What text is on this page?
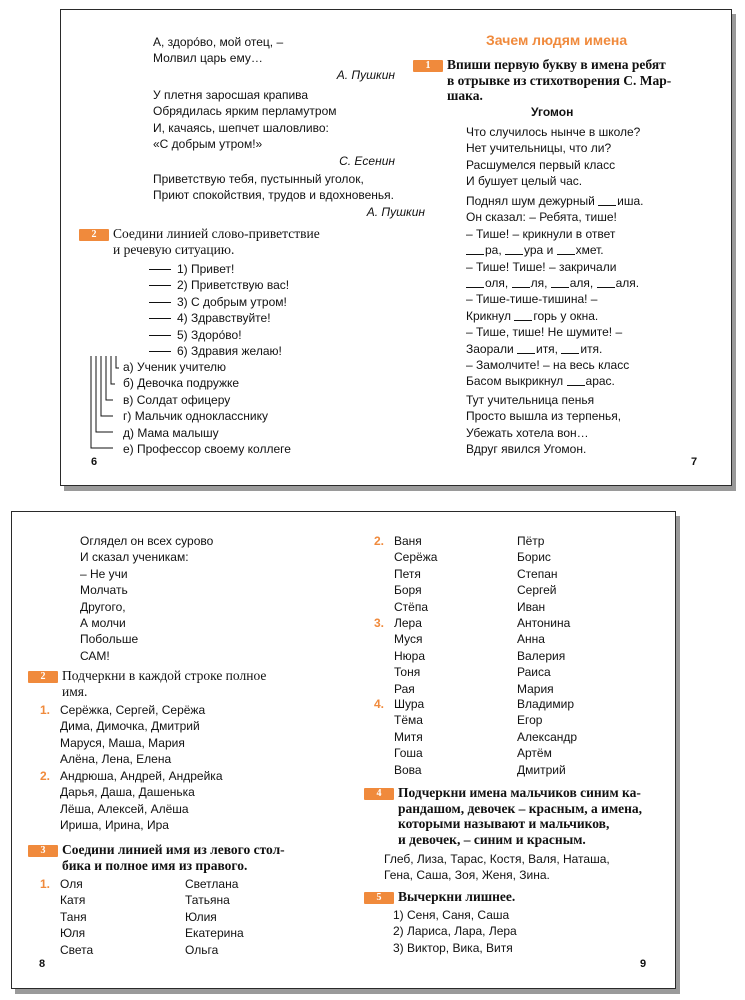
А, здоро́во, мой отец, –
Молвил царь ему…
А. Пушкин
У плетня заросшая крапива
Обрядилась ярким перламутром
И, качаясь, шепчет шаловливо:
«С добрым утром!»
С. Есенин
Приветствую тебя, пустынный уголок,
Приют спокойствия, трудов и вдохновенья.
А. Пушкин
2 Соедини линией слово-приветствие
и речевую ситуацию.
1) Привет!
2) Приветствую вас!
3) С добрым утром!
4) Здравствуйте!
5) Здоро́во!
6) Здравия желаю!
а) Ученик учителю
б) Девочка подружке
в) Солдат офицеру
г) Мальчик однокласснику
д) Мама малышу
е) Профессор своему коллеге
6
Зачем людям имена
1 Впиши первую букву в имена ребят
в отрывке из стихотворения С. Мар-
шака.
Угомон
Что случилось нынче в школе?
Нет учительницы, что ли?
Расшумелся первый класс
И бушует целый час.
Поднял шум дежурный иша.
Он сказал: – Ребята, тише!
– Тише! – крикнули в ответ
ра, ура и хмет.
– Тише! Тише! – закричали
оля, ля, аля, аля.
– Тише-тише-тишина! –
Крикнул горь у окна.
– Тише, тише! Не шумите! –
Заорали итя, итя.
– Замолчите! – на весь класс
Басом выкрикнул арас.
Тут учительница пенья
Просто вышла из терпенья,
Убежать хотела вон…
Вдруг явился Угомон.
7
Оглядел он всех сурово
И сказал ученикам:
– Не учи
Молчать
Другого,
А молчи
Побольше
САМ!
2 Подчеркни в каждой строке полное
имя.
1. Серёжка, Сергей, Серёжа
Дима, Димочка, Дмитрий
Маруся, Маша, Мария
Алёна, Лена, Елена
2. Андрюша, Андрей, Андрейка
Дарья, Даша, Дашенька
Лёша, Алексей, Алёша
Ириша, Ирина, Ира
3 Соедини линией имя из левого стол-
бика и полное имя из правого.
1. Оля
Катя
Таня
Юля
Света
Светлана
Татьяна
Юлия
Екатерина
Ольга
8
2. Ваня
Серёжа
Петя
Боря
Стёпа
Пётр
Борис
Степан
Сергей
Иван
3. Лера
Муся
Нюра
Тоня
Рая
Антонина
Анна
Валерия
Раиса
Мария
4. Шура
Тёма
Митя
Гоша
Вова
Владимир
Егор
Александр
Артём
Дмитрий
4 Подчеркни имена мальчиков синим ка-
рандашом, девочек – красным, а имена,
которыми называют и мальчиков,
и девочек, – синим и красным.
Глеб, Лиза, Тарас, Костя, Валя, Наташа,
Гена, Саша, Зоя, Женя, Зина.
5 Вычеркни лишнее.
1) Сеня, Саня, Саша
2) Лариса, Лара, Лера
3) Виктор, Вика, Витя
9
